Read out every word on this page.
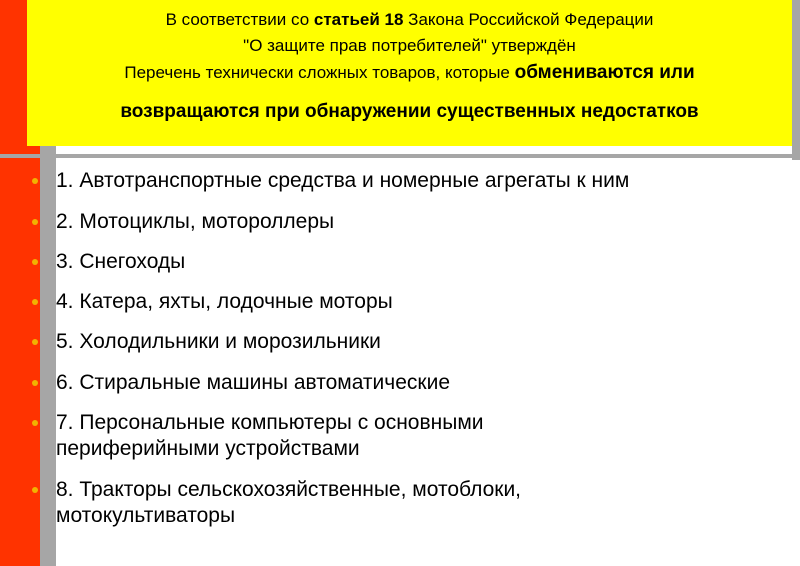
В соответствии со статьей 18 Закона Российской Федерации
"О защите прав потребителей" утверждён
Перечень технически сложных товаров, которые обмениваются или
возвращаются при обнаружении существенных недостатков
1. Автотранспортные средства и номерные агрегаты к ним
2. Мотоциклы, мотороллеры
3. Снегоходы
4. Катера, яхты, лодочные моторы
5. Холодильники и морозильники
6. Стиральные машины автоматические
7. Персональные компьютеры с основными
периферийными устройствами
8. Тракторы сельскохозяйственные, мотоблоки,
мотокультиваторы
